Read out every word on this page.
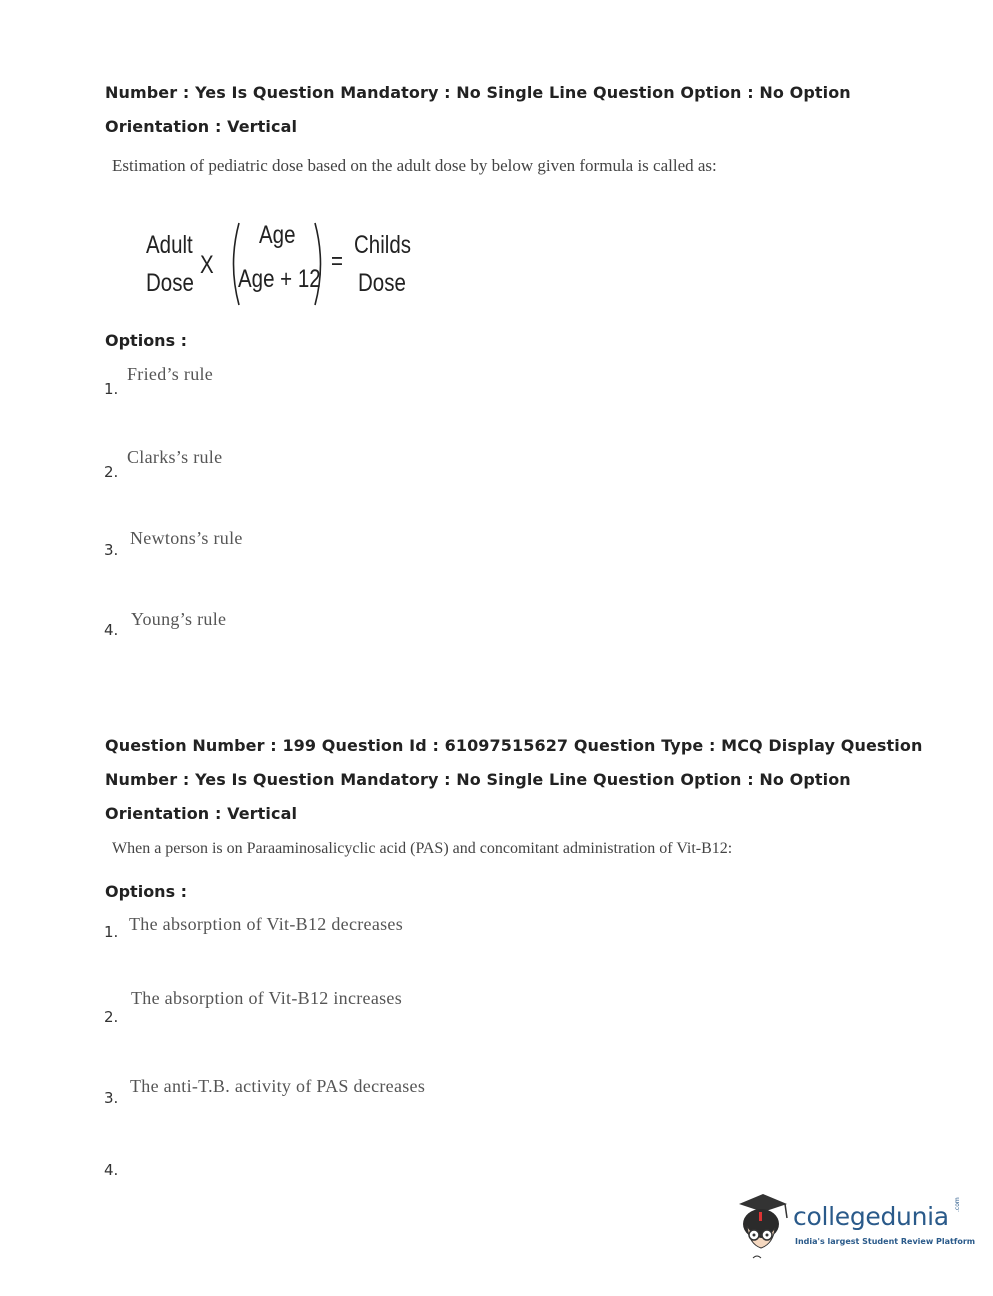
Number : Yes Is Question Mandatory : No Single Line Question Option : No Option
Orientation : Vertical
Estimation of pediatric dose based on the adult dose by below given formula is called as:
Adult
Dose
X
Age
Age + 12
=
Childs
Dose
Options :
1.
Fried’s rule
2.
Clarks’s rule
3.
Newtons’s rule
4.
Young’s rule
Question Number : 199 Question Id : 61097515627 Question Type : MCQ Display Question
Number : Yes Is Question Mandatory : No Single Line Question Option : No Option
Orientation : Vertical
When a person is on Paraaminosalicyclic acid (PAS) and concomitant administration of Vit-B12:
Options :
1. The absorption of Vit-B12 decreases
2.
The absorption of Vit-B12 increases
3.
The anti-T.B. activity of PAS decreases
4.
collegedunia .com
India's largest Student Review Platform
